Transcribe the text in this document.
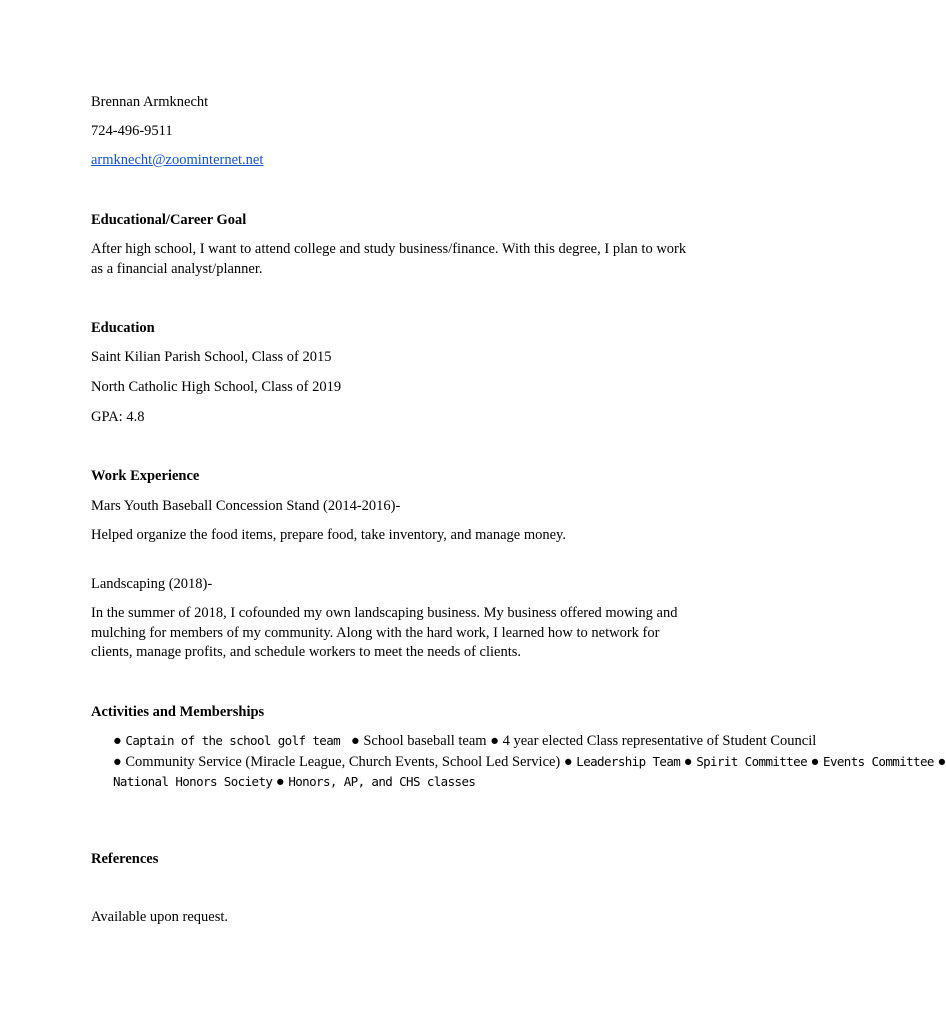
Brennan Armknecht
724-496-9511
armknecht@zoominternet.net
Educational/Career Goal
After high school, I want to attend college and study business/finance. With this degree, I plan to work as a financial analyst/planner.
Education
Saint Kilian Parish School, Class of 2015
North Catholic High School, Class of 2019
GPA: 4.8
Work Experience
Mars Youth Baseball Concession Stand (2014-2016)-
Helped organize the food items, prepare food, take inventory, and manage money.
Landscaping (2018)-
In the summer of 2018, I cofounded my own landscaping business. My business offered mowing and mulching for members of my community. Along with the hard work, I learned how to network for clients, manage profits, and schedule workers to meet the needs of clients.
Activities and Memberships
● Captain of the school golf team ● School baseball team ● 4 year elected Class representative of Student Council
● Community Service (Miracle League, Church Events, School Led Service) ● Leadership Team ● Spirit Committee ● Events Committee ●
National Honors Society ● Honors, AP, and CHS classes
References
Available upon request.
